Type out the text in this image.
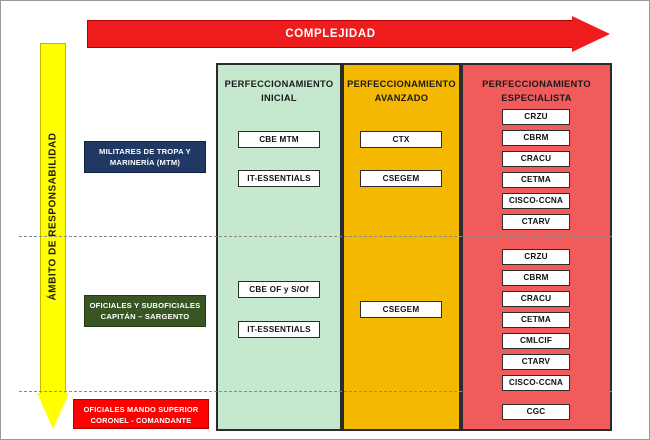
COMPLEJIDAD
ÁMBITO DE RESPONSABILIDAD
PERFECCIONAMIENTO
INICIAL
PERFECCIONAMIENTO
AVANZADO
PERFECCIONAMIENTO
ESPECIALISTA
CBE MTM
IT-ESSENTIALS
CTX
CSEGEM
CRZU
CBRM
CRACU
CETMA
CISCO-CCNA
CTARV
CBE OF y S/Of
IT-ESSENTIALS
CSEGEM
CRZU
CBRM
CRACU
CETMA
CMLCIF
CTARV
CISCO-CCNA
CGC
MILITARES DE TROPA Y
MARINERÍA (MTM)
OFICIALES Y SUBOFICIALES
CAPITÁN – SARGENTO
OFICIALES MANDO SUPERIOR
CORONEL - COMANDANTE
